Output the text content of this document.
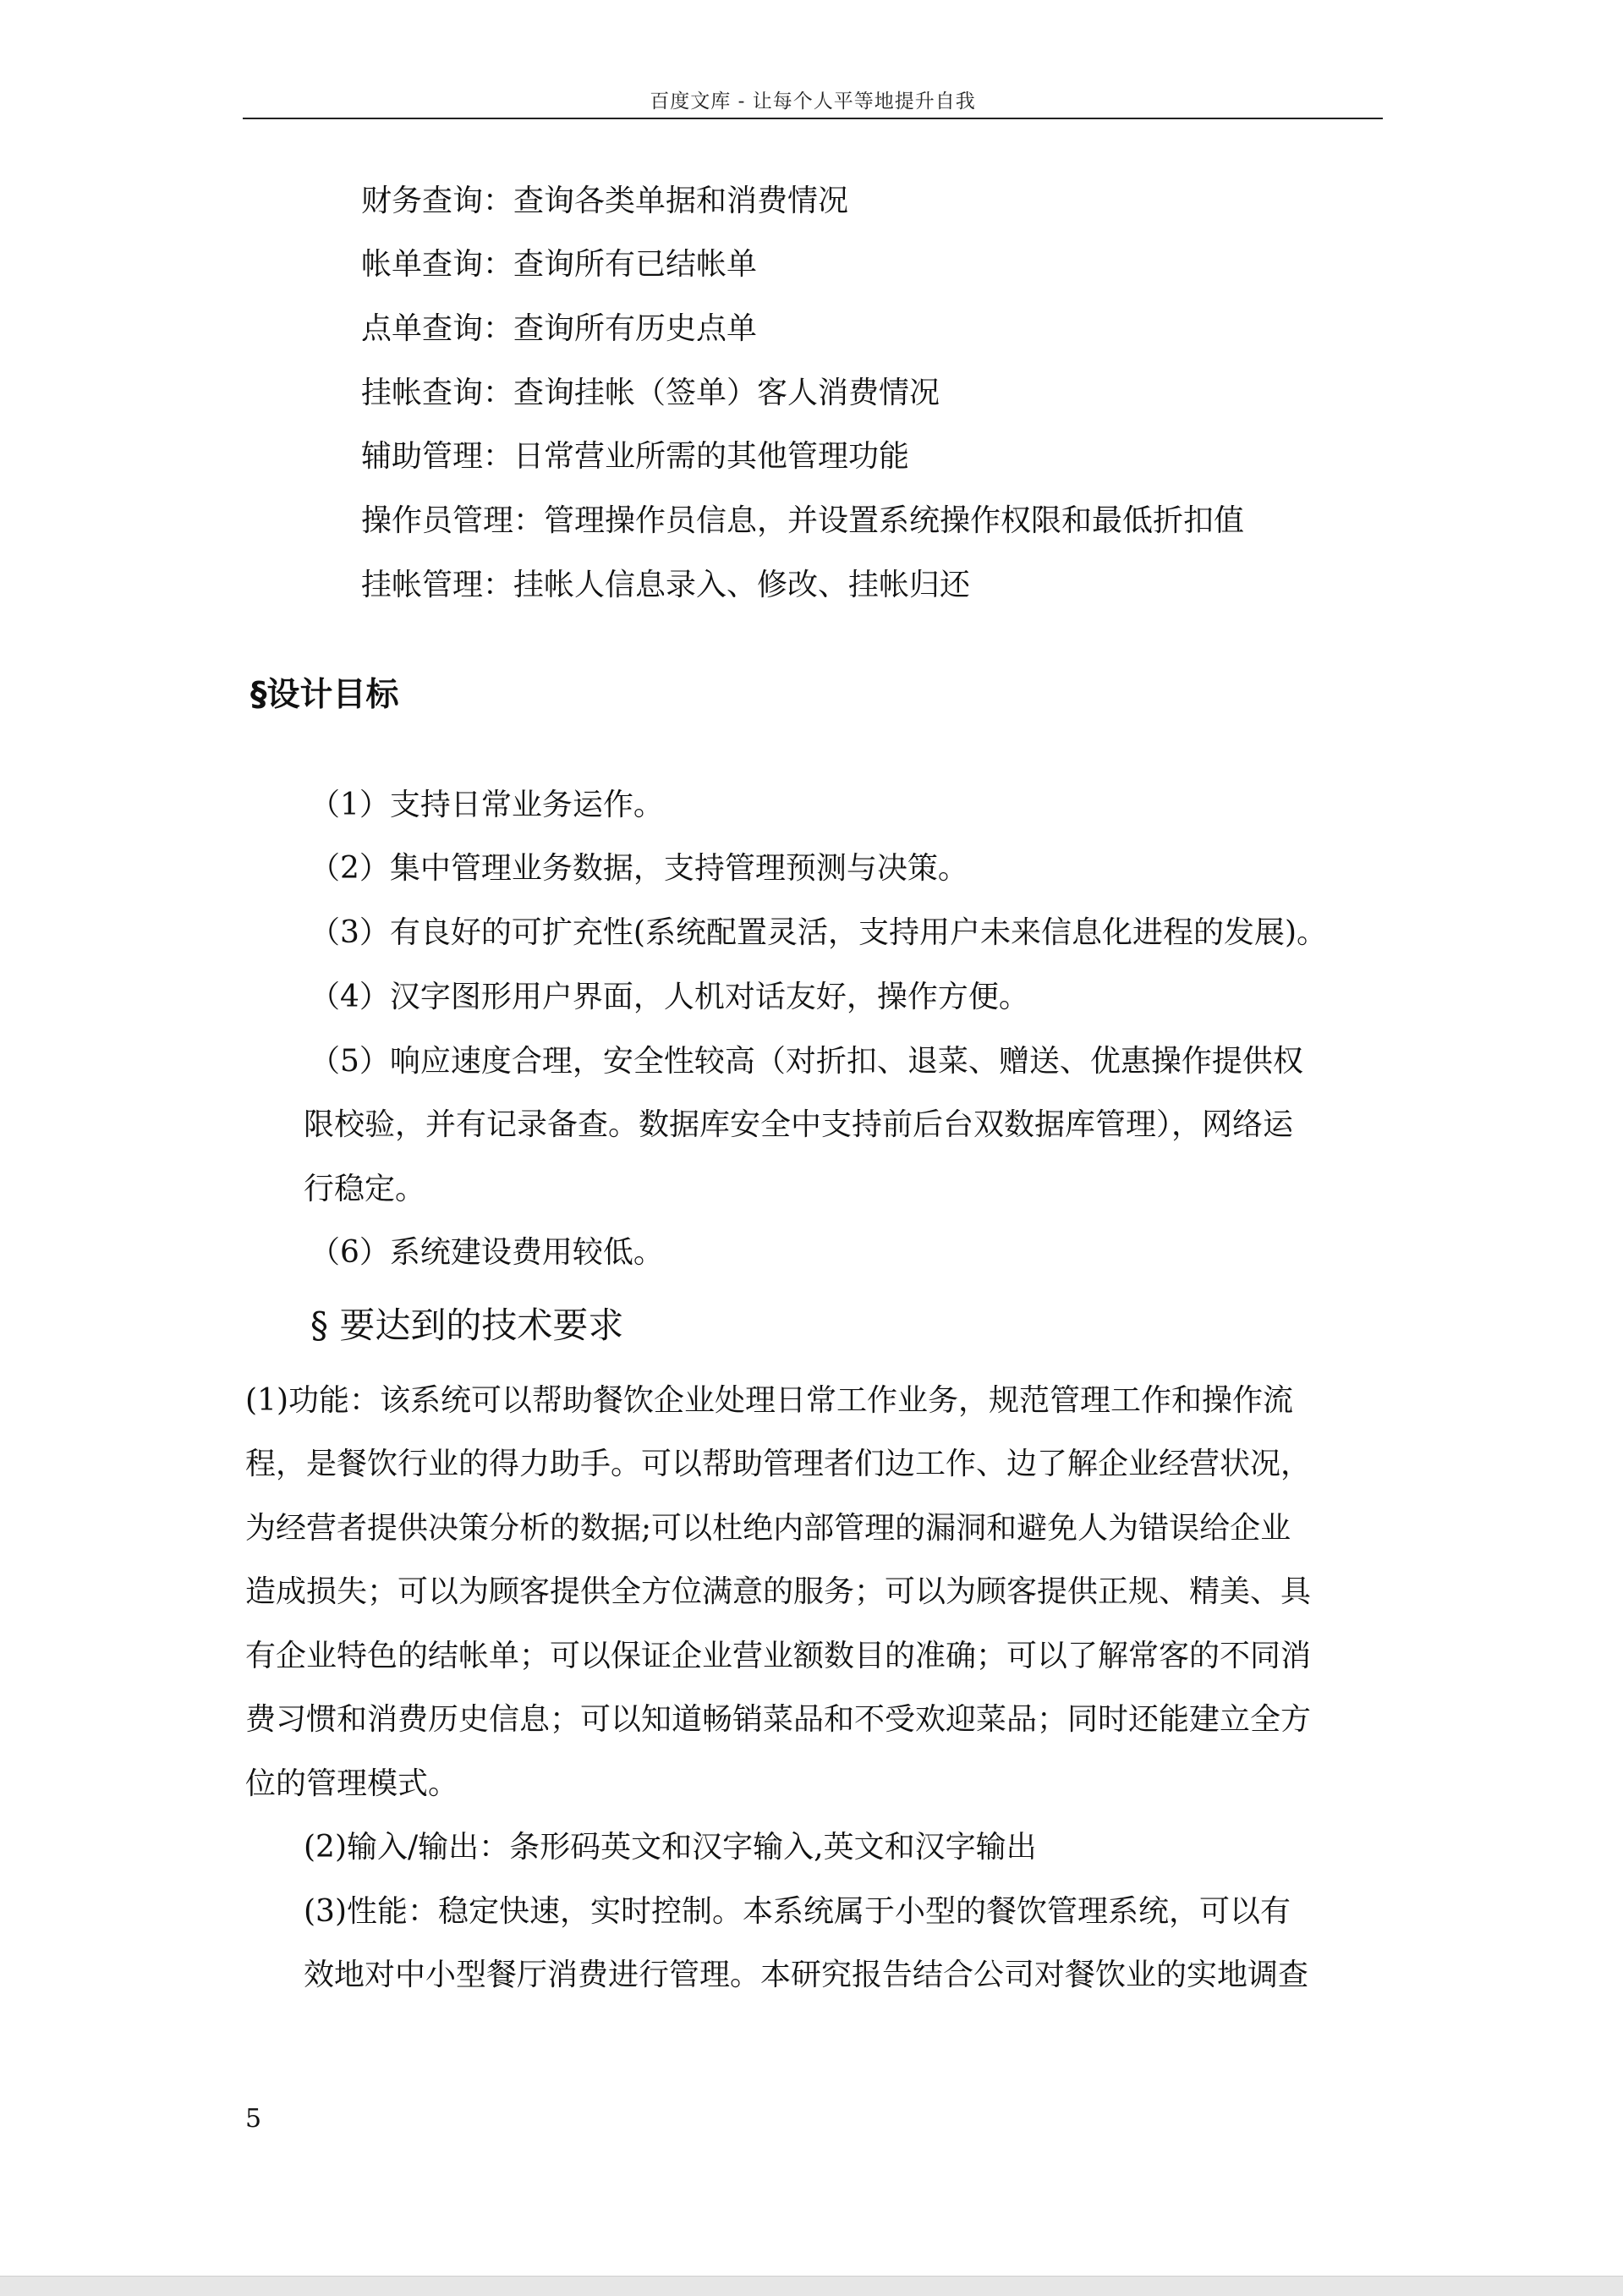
百度文库 - 让每个人平等地提升自我
财务查询：查询各类单据和消费情况
帐单查询：查询所有已结帐单
点单查询：查询所有历史点单
挂帐查询：查询挂帐（签单）客人消费情况
辅助管理：日常营业所需的其他管理功能
操作员管理：管理操作员信息，并设置系统操作权限和最低折扣值
挂帐管理：挂帐人信息录入、修改、挂帐归还
§设计目标
（1）支持日常业务运作。
（2）集中管理业务数据，支持管理预测与决策。
（3）有良好的可扩充性(系统配置灵活，支持用户未来信息化进程的发展)。
（4）汉字图形用户界面，人机对话友好，操作方便。
（5）响应速度合理，安全性较高（对折扣、退菜、赠送、优惠操作提供权
限校验，并有记录备查。数据库安全中支持前后台双数据库管理），网络运
行稳定。
（6）系统建设费用较低。
§ 要达到的技术要求
(1)功能：该系统可以帮助餐饮企业处理日常工作业务，规范管理工作和操作流
程，是餐饮行业的得力助手。可以帮助管理者们边工作、边了解企业经营状况，
为经营者提供决策分析的数据;可以杜绝内部管理的漏洞和避免人为错误给企业
造成损失；可以为顾客提供全方位满意的服务；可以为顾客提供正规、精美、具
有企业特色的结帐单；可以保证企业营业额数目的准确；可以了解常客的不同消
费习惯和消费历史信息；可以知道畅销菜品和不受欢迎菜品；同时还能建立全方
位的管理模式。
(2)输入/输出：条形码英文和汉字输入,英文和汉字输出
(3)性能：稳定快速，实时控制。本系统属于小型的餐饮管理系统，可以有
效地对中小型餐厅消费进行管理。本研究报告结合公司对餐饮业的实地调查
5
